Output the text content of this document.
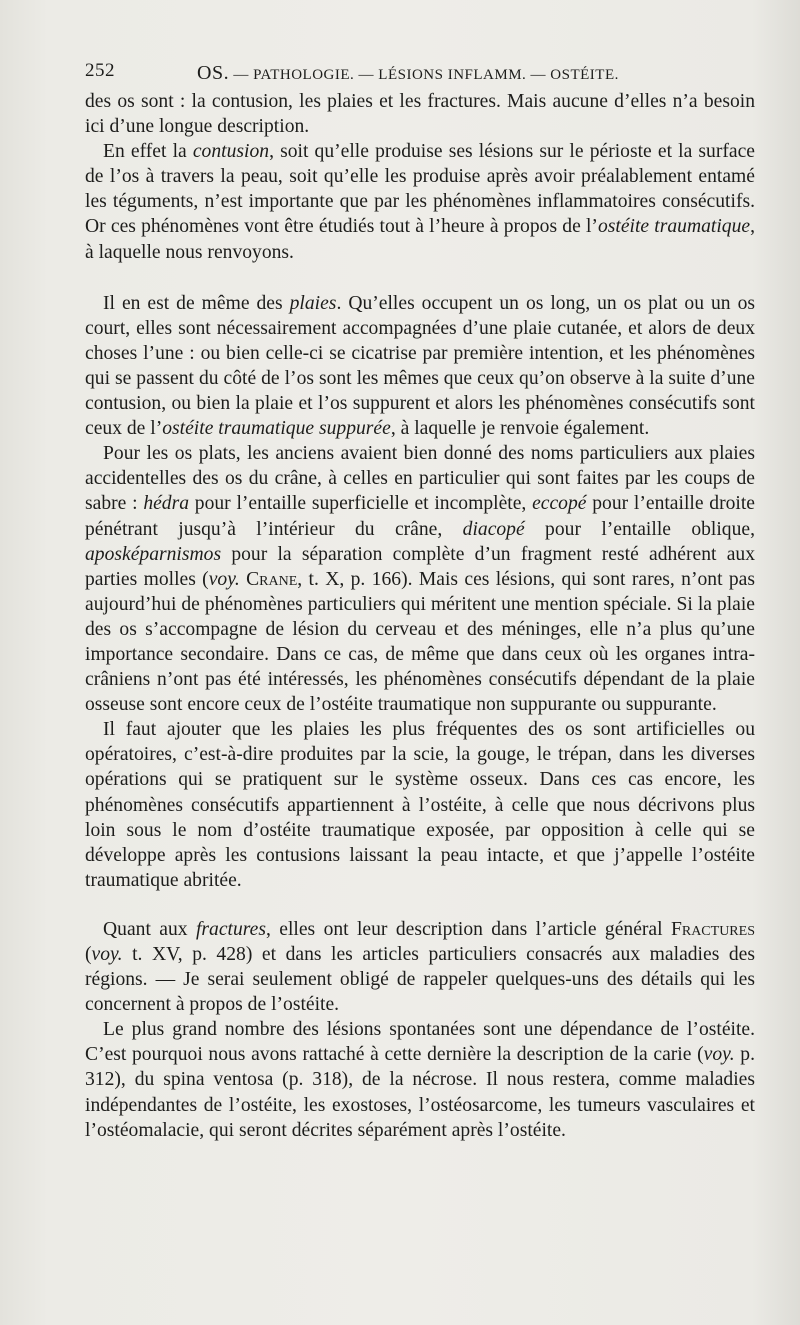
252	OS. — PATHOLOGIE. — LÉSIONS INFLAMM. — OSTÉITE.

des os sont : la contusion, les plaies et les fractures. Mais aucune d’elles n’a besoin ici d’une longue description.

En effet la contusion, soit qu’elle produise ses lésions sur le périoste et la surface de l’os à travers la peau, soit qu’elle les produise après avoir préalablement entamé les téguments, n’est importante que par les phénomènes inflammatoires consécutifs. Or ces phénomènes vont être étudiés tout à l’heure à propos de l’ostéite traumatique, à laquelle nous renvoyons.

Il en est de même des plaies. Qu’elles occupent un os long, un os plat ou un os court, elles sont nécessairement accompagnées d’une plaie cutanée, et alors de deux choses l’une : ou bien celle-ci se cicatrise par première intention, et les phénomènes qui se passent du côté de l’os sont les mêmes que ceux qu’on observe à la suite d’une contusion, ou bien la plaie et l’os suppurent et alors les phénomènes consécutifs sont ceux de l’ostéite traumatique suppurée, à laquelle je renvoie également.

Pour les os plats, les anciens avaient bien donné des noms particuliers aux plaies accidentelles des os du crâne, à celles en particulier qui sont faites par les coups de sabre : hédra pour l’entaille superficielle et incomplète, eccopé pour l’entaille droite pénétrant jusqu’à l’intérieur du crâne, diacopé pour l’entaille oblique, aposképarnismos pour la séparation complète d’un fragment resté adhérent aux parties molles (voy. Crane, t. X, p. 166). Mais ces lésions, qui sont rares, n’ont pas aujourd’hui de phénomènes particuliers qui méritent une mention spéciale. Si la plaie des os s’accompagne de lésion du cerveau et des méninges, elle n’a plus qu’une importance secondaire. Dans ce cas, de même que dans ceux où les organes intra-crâniens n’ont pas été intéressés, les phénomènes consécutifs dépendant de la plaie osseuse sont encore ceux de l’ostéite traumatique non suppurante ou suppurante.

Il faut ajouter que les plaies les plus fréquentes des os sont artificielles ou opératoires, c’est-à-dire produites par la scie, la gouge, le trépan, dans les diverses opérations qui se pratiquent sur le système osseux. Dans ces cas encore, les phénomènes consécutifs appartiennent à l’ostéite, à celle que nous décrivons plus loin sous le nom d’ostéite traumatique exposée, par opposition à celle qui se développe après les contusions laissant la peau intacte, et que j’appelle l’ostéite traumatique abritée.

Quant aux fractures, elles ont leur description dans l’article général Fractures (voy. t. XV, p. 428) et dans les articles particuliers consacrés aux maladies des régions. — Je serai seulement obligé de rappeler quelques-uns des détails qui les concernent à propos de l’ostéite.

Le plus grand nombre des lésions spontanées sont une dépendance de l’ostéite. C’est pourquoi nous avons rattaché à cette dernière la description de la carie (voy. p. 312), du spina ventosa (p. 318), de la nécrose. Il nous restera, comme maladies indépendantes de l’ostéite, les exostoses, l’ostéosarcome, les tumeurs vasculaires et l’ostéomalacie, qui seront décrites séparément après l’ostéite.
